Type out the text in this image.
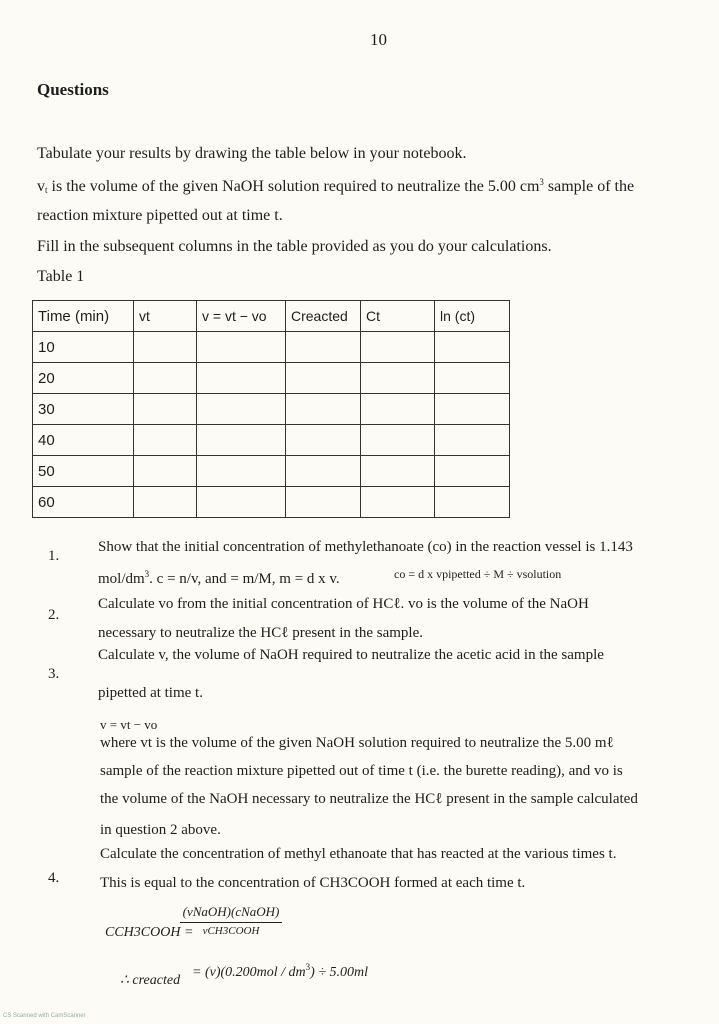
10
Questions
Tabulate your results by drawing the table below in your notebook.
$v_t$ is the volume of the given NaOH solution required to neutralize the 5.00 $cm^3$ sample of the
reaction mixture pipetted out at time t.
Fill in the subsequent columns in the table provided as you do your calculations.
Table 1
Time (min)	vt	v = vt − vo	Creacted	Ct	ln (ct)
10					
20					
30					
40					
50					
60					
1.
Show that the initial concentration of methylethanoate (co) in the reaction vessel is 1.143
mol/$dm^3$. c = n/v, and = m/M, m = d x v.	co = d x vpipetted ÷ M ÷ vsolution
2.
Calculate vo from the initial concentration of HCℓ. vo is the volume of the NaOH
necessary to neutralize the HCℓ present in the sample.
3.
Calculate v, the volume of NaOH required to neutralize the acetic acid in the sample
pipetted at time t.
v = vt − vo
where vt is the volume of the given NaOH solution required to neutralize the 5.00 mℓ
sample of the reaction mixture pipetted out of time t (i.e. the burette reading), and vo is
the volume of the NaOH necessary to neutralize the HCℓ present in the sample calculated
in question 2 above.
4.
Calculate the concentration of methyl ethanoate that has reacted at the various times t.
This is equal to the concentration of CH3COOH formed at each time t.
CCH3COOH =
(vNaOH)(cNaOH)
vCH3COOH
∴ creacted
= $(v)(0.200mol / dm^3) \div 5.00ml$
CS Scanned with CamScanner
